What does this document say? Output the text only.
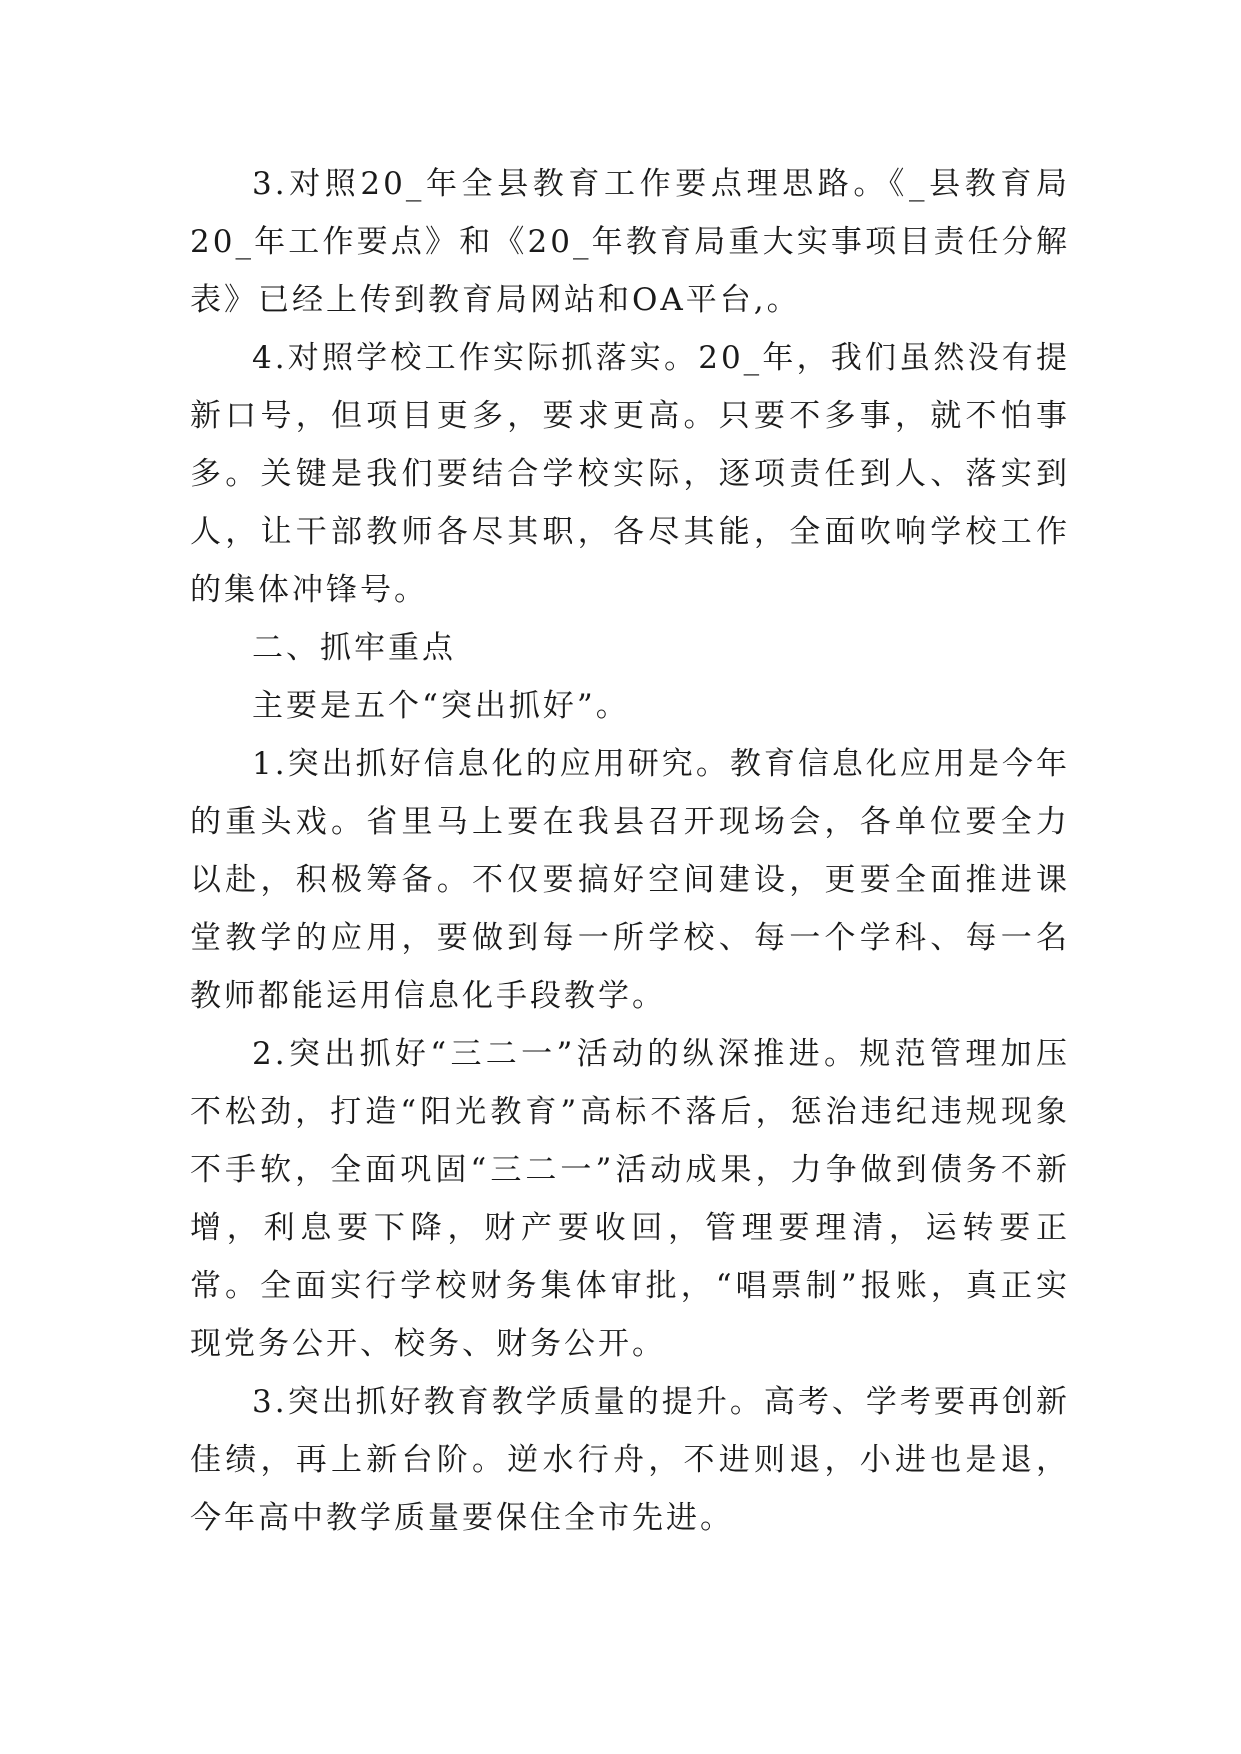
3.对照20_年全县教育工作要点理思路。《_县教育局20_年工作要点》和《20_年教育局重大实事项目责任分解表》已经上传到教育局网站和OA平台,。

4.对照学校工作实际抓落实。20_年，我们虽然没有提新口号，但项目更多，要求更高。只要不多事，就不怕事多。关键是我们要结合学校实际，逐项责任到人、落实到人，让干部教师各尽其职，各尽其能，全面吹响学校工作的集体冲锋号。

二、抓牢重点

主要是五个“突出抓好”。

1.突出抓好信息化的应用研究。教育信息化应用是今年的重头戏。省里马上要在我县召开现场会，各单位要全力以赴，积极筹备。不仅要搞好空间建设，更要全面推进课堂教学的应用，要做到每一所学校、每一个学科、每一名教师都能运用信息化手段教学。

2.突出抓好“三二一”活动的纵深推进。规范管理加压不松劲，打造“阳光教育”高标不落后，惩治违纪违规现象不手软，全面巩固“三二一”活动成果，力争做到债务不新增，利息要下降，财产要收回，管理要理清，运转要正常。全面实行学校财务集体审批，“唱票制”报账，真正实现党务公开、校务、财务公开。

3.突出抓好教育教学质量的提升。高考、学考要再创新佳绩，再上新台阶。逆水行舟，不进则退，小进也是退，今年高中教学质量要保住全市先进。
